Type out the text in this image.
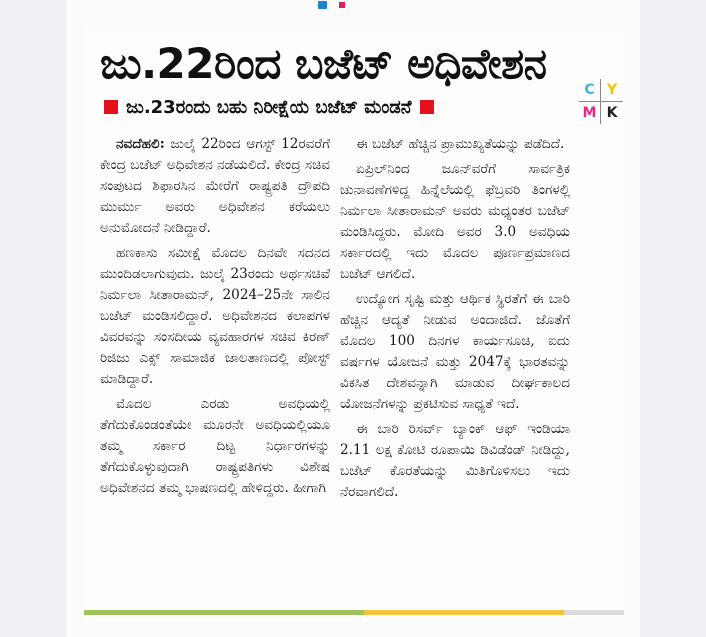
ಜು.22ರಿಂದ ಬಜೆಟ್ ಅಧಿವೇಶನ
ಜು.23ರಂದು ಬಹು ನಿರೀಕ್ಷೆಯ ಬಜೆಟ್ ಮಂಡನೆ
C Y
M K

ನವದೆಹಲಿ: ಜುಲೈ 22ರಿಂದ ಆಗಸ್ಟ್ 12ರವರೆಗೆ ಕೇಂದ್ರ ಬಜೆಟ್ ಅಧಿವೇಶನ ನಡೆಯಲಿದೆ. ಕೇಂದ್ರ ಸಚಿವ ಸಂಪುಟದ ಶಿಫಾರಸಿನ ಮೇರೆಗೆ ರಾಷ್ಟ್ರಪತಿ ದ್ರೌಪದಿ ಮುರ್ಮು ಅವರು ಅಧಿವೇಶನ ಕರೆಯಲು ಅನುಮೋದನೆ ನೀಡಿದ್ದಾರೆ.

ಹಣಕಾಸು ಸಮೀಕ್ಷೆ ಮೊದಲ ದಿನವೇ ಸದನದ ಮುಂದಿಡಲಾಗುವುದು. ಜುಲೈ 23ರಂದು ಅರ್ಥಸಚಿವೆ ನಿರ್ಮಲಾ ಸೀತಾರಾಮನ್, 2024–25ನೇ ಸಾಲಿನ ಬಜೆಟ್ ಮಂಡಿಸಲಿದ್ದಾರೆ. ಅಧಿವೇಶನದ ಕಲಾಪಗಳ ವಿವರವನ್ನು ಸಂಸದೀಯ ವ್ಯವಹಾರಗಳ ಸಚಿವ ಕಿರಣ್ ರಿಜಿಜು ಎಕ್ಸ್ ಸಾಮಾಜಿಕ ಜಾಲತಾಣದಲ್ಲಿ ಪೋಸ್ಟ್ ಮಾಡಿದ್ದಾರೆ.

ಮೊದಲ ಎರಡು ಅವಧಿಯಲ್ಲಿ ತೆಗೆದುಕೊಂಡಂತೆಯೇ ಮೂರನೇ ಅವಧಿಯಲ್ಲಿಯೂ ತಮ್ಮ ಸರ್ಕಾರ ದಿಟ್ಟ ನಿರ್ಧಾರಗಳನ್ನು ತೆಗೆದುಕೊಳ್ಳುವುದಾಗಿ ರಾಷ್ಟ್ರಪತಿಗಳು ವಿಶೇಷ ಅಧಿವೇಶನದ ತಮ್ಮ ಭಾಷಣದಲ್ಲಿ ಹೇಳಿದ್ದರು. ಹೀಗಾಗಿ

ಈ ಬಜೆಟ್ ಹೆಚ್ಚಿನ ಪ್ರಾಮುಖ್ಯತೆಯನ್ನು ಪಡೆದಿದೆ.

ಏಪ್ರಿಲ್‌ನಿಂದ ಜೂನ್‌ವರೆಗೆ ಸಾರ್ವತ್ರಿಕ ಚುನಾವಣೆಗಳಿದ್ದ ಹಿನ್ನೆಲೆಯಲ್ಲಿ ಫೆಬ್ರವರಿ ತಿಂಗಳಲ್ಲಿ ನಿರ್ಮಲಾ ಸೀತಾರಾಮನ್ ಅವರು ಮಧ್ಯಂತರ ಬಜೆಟ್ ಮಂಡಿಸಿದ್ದರು. ಮೋದಿ ಅವರ 3.0 ಅವಧಿಯ ಸರ್ಕಾರದಲ್ಲಿ ಇದು ಮೊದಲ ಪೂರ್ಣಪ್ರಮಾಣದ ಬಜೆಟ್ ಆಗಲಿದೆ.

ಉದ್ಯೋಗ ಸೃಷ್ಟಿ ಮತ್ತು ಆರ್ಥಿಕ ಸ್ಥಿರತೆಗೆ ಈ ಬಾರಿ ಹೆಚ್ಚಿನ ಆದ್ಯತೆ ನೀಡುವ ಅಂದಾಜಿದೆ. ಜೊತೆಗೆ ಮೊದಲ 100 ದಿನಗಳ ಕಾರ್ಯಸೂಚಿ, ಐದು ವರ್ಷಗಳ ಯೋಜನೆ ಮತ್ತು 2047ಕ್ಕೆ ಭಾರತವನ್ನು ವಿಕಸಿತ ದೇಶವನ್ನಾಗಿ ಮಾಡುವ ದೀರ್ಘಕಾಲದ ಯೋಜನೆಗಳನ್ನು ಪ್ರಕಟಿಸುವ ಸಾಧ್ಯತೆ ಇದೆ.

ಈ ಬಾರಿ ರಿಸರ್ವ್ ಬ್ಯಾಂಕ್ ಆಫ್ ಇಂಡಿಯಾ 2.11 ಲಕ್ಷ ಕೋಟಿ ರೂಪಾಯಿ ಡಿವಿಡೆಂಡ್ ನೀಡಿದ್ದು, ಬಜೆಟ್ ಕೊರತೆಯನ್ನು ಮಿತಿಗೊಳಿಸಲು ಇದು ನೆರವಾಗಲಿದೆ.
